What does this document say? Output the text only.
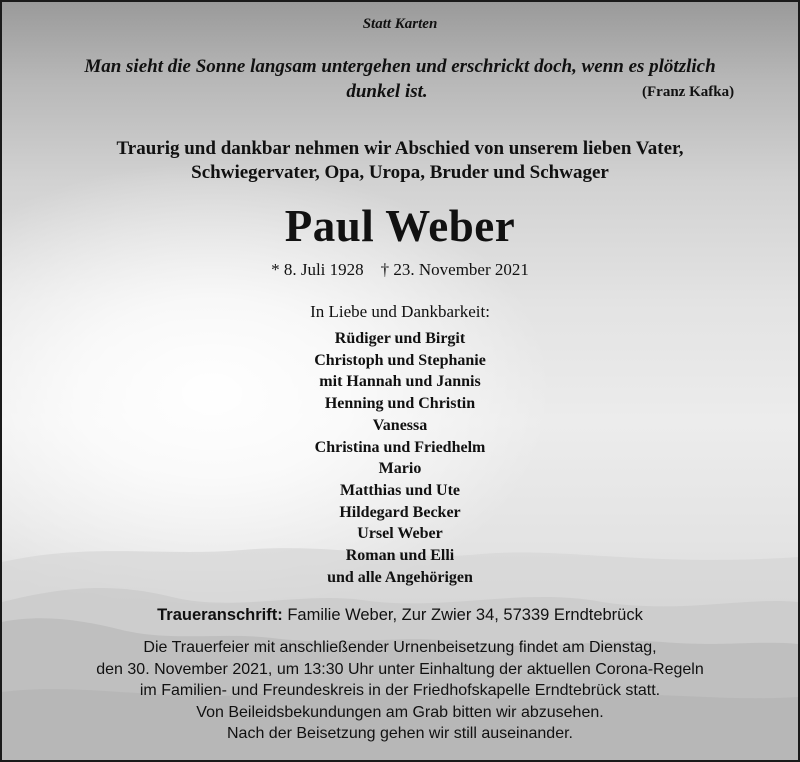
Statt Karten

Man sieht die Sonne langsam untergehen und erschrickt doch, wenn es plötzlich

dunkel ist.	(Franz Kafka)

Traurig und dankbar nehmen wir Abschied von unserem lieben Vater,

Schwiegervater, Opa, Uropa, Bruder und Schwager

Paul Weber

* 8. Juli 1928    † 23. November 2021

In Liebe und Dankbarkeit:

Rüdiger und Birgit
Christoph und Stephanie
mit Hannah und Jannis
Henning und Christin
Vanessa
Christina und Friedhelm
Mario
Matthias und Ute
Hildegard Becker
Ursel Weber
Roman und Elli
und alle Angehörigen

Traueranschrift: Familie Weber, Zur Zwier 34, 57339 Erndtebrück

Die Trauerfeier mit anschließender Urnenbeisetzung findet am Dienstag,
den 30. November 2021, um 13:30 Uhr unter Einhaltung der aktuellen Corona-Regeln
im Familien- und Freundeskreis in der Friedhofskapelle Erndtebrück statt.
Von Beileidsbekundungen am Grab bitten wir abzusehen.
Nach der Beisetzung gehen wir still auseinander.
